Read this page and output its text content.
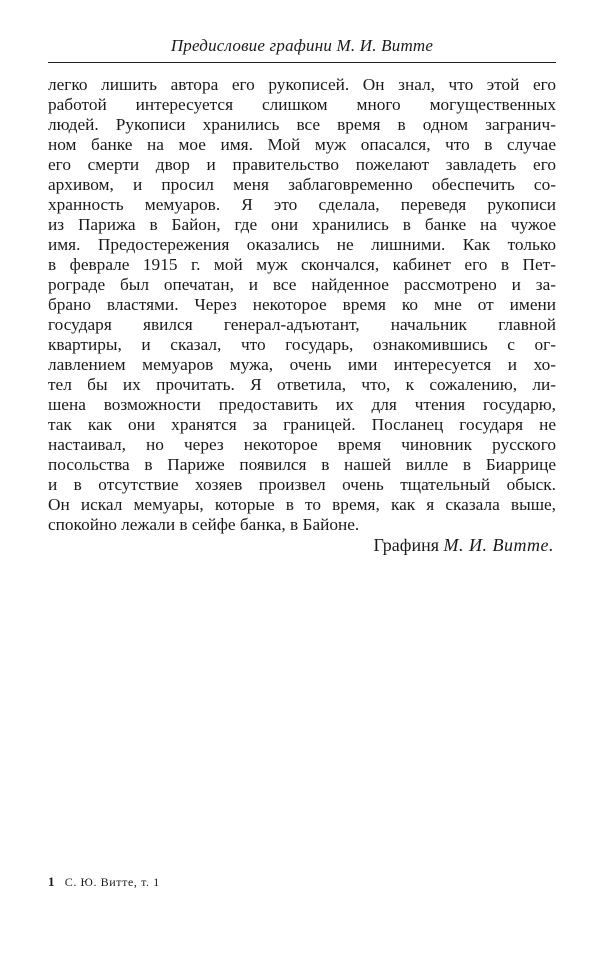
Предисловие графини М. И. Витте
легко лишить автора его рукописей. Он знал, что этой его
работой интересуется слишком много могущественных
людей. Рукописи хранились все время в одном загранич-
ном банке на мое имя. Мой муж опасался, что в случае
его смерти двор и правительство пожелают завладеть его
архивом, и просил меня заблаговременно обеспечить со-
хранность мемуаров. Я это сделала, переведя рукописи
из Парижа в Байон, где они хранились в банке на чужое
имя. Предостережения оказались не лишними. Как только
в феврале 1915 г. мой муж скончался, кабинет его в Пет-
рограде был опечатан, и все найденное рассмотрено и за-
брано властями. Через некоторое время ко мне от имени
государя явился генерал-адъютант, начальник главной
квартиры, и сказал, что государь, ознакомившись с ог-
лавлением мемуаров мужа, очень ими интересуется и хо-
тел бы их прочитать. Я ответила, что, к сожалению, ли-
шена возможности предоставить их для чтения государю,
так как они хранятся за границей. Посланец государя не
настаивал, но через некоторое время чиновник русского
посольства в Париже появился в нашей вилле в Биаррице
и в отсутствие хозяев произвел очень тщательный обыск.
Он искал мемуары, которые в то время, как я сказала выше,
спокойно лежали в сейфе банка, в Байоне.
Графиня М. И. Витте.
1 С. Ю. Витте, т. 1
